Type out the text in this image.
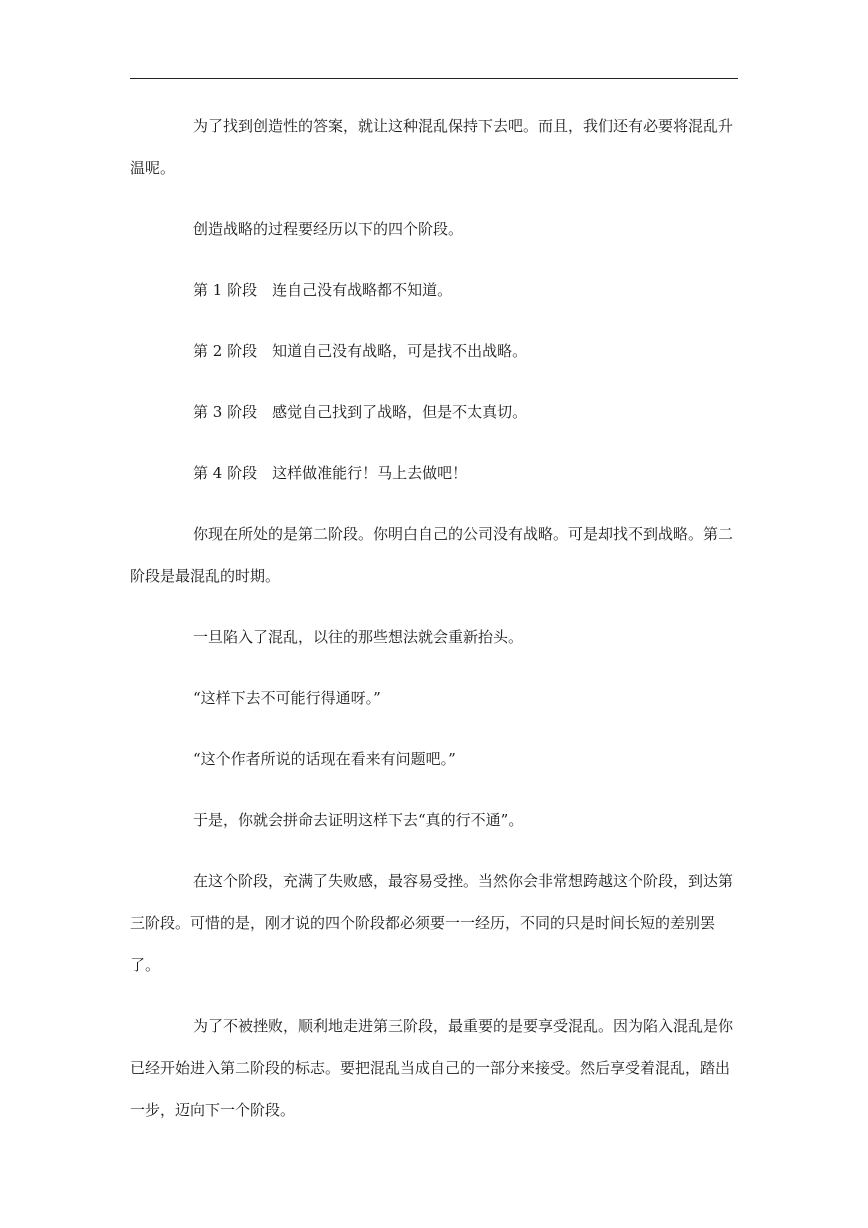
为了找到创造性的答案，就让这种混乱保持下去吧。而且，我们还有必要将混乱升温呢。

创造战略的过程要经历以下的四个阶段。

第 1 阶段　连自己没有战略都不知道。

第 2 阶段　知道自己没有战略，可是找不出战略。

第 3 阶段　感觉自己找到了战略，但是不太真切。

第 4 阶段　这样做准能行！马上去做吧！

你现在所处的是第二阶段。你明白自己的公司没有战略。可是却找不到战略。第二阶段是最混乱的时期。

一旦陷入了混乱，以往的那些想法就会重新抬头。

“这样下去不可能行得通呀。”

“这个作者所说的话现在看来有问题吧。”

于是，你就会拼命去证明这样下去“真的行不通”。

在这个阶段，充满了失败感，最容易受挫。当然你会非常想跨越这个阶段，到达第三阶段。可惜的是，刚才说的四个阶段都必须要一一经历，不同的只是时间长短的差别罢了。

为了不被挫败，顺利地走进第三阶段，最重要的是要享受混乱。因为陷入混乱是你已经开始进入第二阶段的标志。要把混乱当成自己的一部分来接受。然后享受着混乱，踏出一步，迈向下一个阶段。
